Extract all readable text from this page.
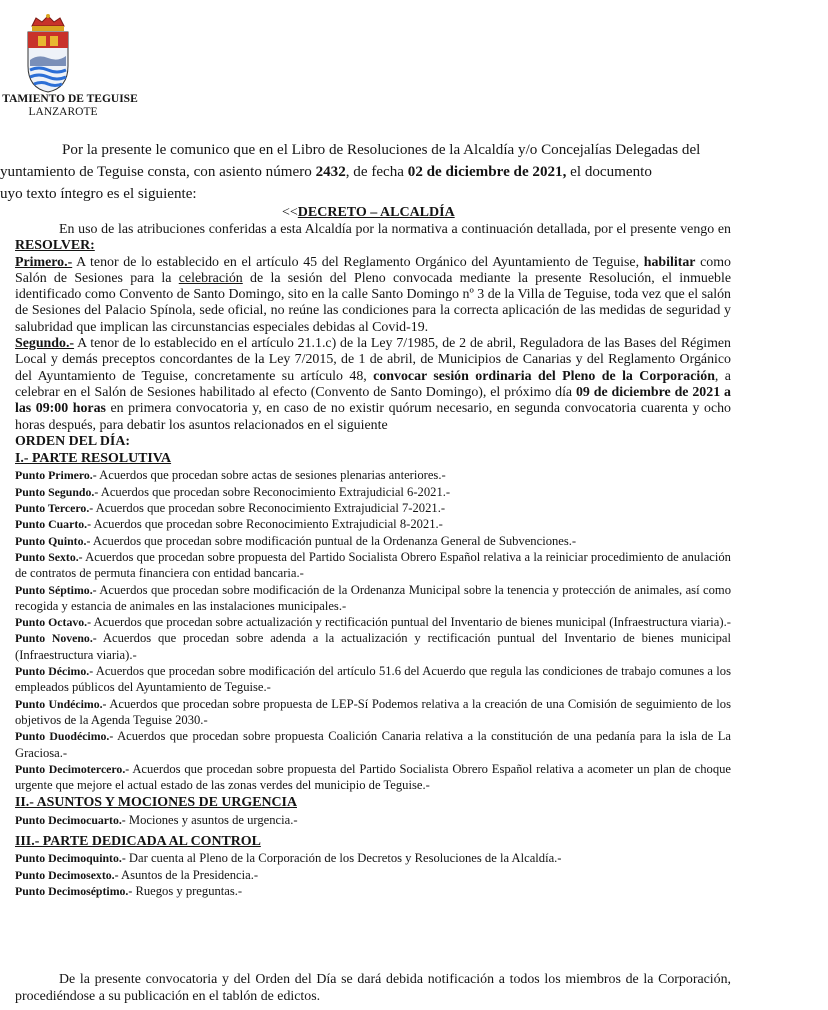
TAMIENTO DE TEGUISE
LANZAROTE
Por la presente le comunico que en el Libro de Resoluciones de la Alcaldía y/o Concejalías Delegadas del
yuntamiento de Teguise consta, con asiento número 2432, de fecha 02 de diciembre de 2021, el documento
uyo texto íntegro es el siguiente:
<<DECRETO – ALCALDÍA

En uso de las atribuciones conferidas a esta Alcaldía por la normativa a continuación detallada, por el presente vengo en RESOLVER:

Primero.- A tenor de lo establecido en el artículo 45 del Reglamento Orgánico del Ayuntamiento de Teguise, habilitar como Salón de Sesiones para la celebración de la sesión del Pleno convocada mediante la presente Resolución, el inmueble identificado como Convento de Santo Domingo, sito en la calle Santo Domingo nº 3 de la Villa de Teguise, toda vez que el salón de Sesiones del Palacio Spínola, sede oficial, no reúne las condiciones para la correcta aplicación de las medidas de seguridad y salubridad que implican las circunstancias especiales debidas al Covid-19.

Segundo.- A tenor de lo establecido en el artículo 21.1.c) de la Ley 7/1985, de 2 de abril, Reguladora de las Bases del Régimen Local y demás preceptos concordantes de la Ley 7/2015, de 1 de abril, de Municipios de Canarias y del Reglamento Orgánico del Ayuntamiento de Teguise, concretamente su artículo 48, convocar sesión ordinaria del Pleno de la Corporación, a celebrar en el Salón de Sesiones habilitado al efecto (Convento de Santo Domingo), el próximo día 09 de diciembre de 2021 a las 09:00 horas en primera convocatoria y, en caso de no existir quórum necesario, en segunda convocatoria cuarenta y ocho horas después, para debatir los asuntos relacionados en el siguiente
ORDEN DEL DÍA:

I.- PARTE RESOLUTIVA

Punto Primero.- Acuerdos que procedan sobre actas de sesiones plenarias anteriores.-

Punto Segundo.- Acuerdos que procedan sobre Reconocimiento Extrajudicial 6-2021.-

Punto Tercero.- Acuerdos que procedan sobre Reconocimiento Extrajudicial 7-2021.-

Punto Cuarto.- Acuerdos que procedan sobre Reconocimiento Extrajudicial 8-2021.-

Punto Quinto.- Acuerdos que procedan sobre modificación puntual de la Ordenanza General de Subvenciones.-

Punto Sexto.- Acuerdos que procedan sobre propuesta del Partido Socialista Obrero Español relativa a la reiniciar procedimiento de anulación de contratos de permuta financiera con entidad bancaria.-

Punto Séptimo.- Acuerdos que procedan sobre modificación de la Ordenanza Municipal sobre la tenencia y protección de animales, así como recogida y estancia de animales en las instalaciones municipales.-

Punto Octavo.- Acuerdos que procedan sobre actualización y rectificación puntual del Inventario de bienes municipal (Infraestructura viaria).-

Punto Noveno.- Acuerdos que procedan sobre adenda a la actualización y rectificación puntual del Inventario de bienes municipal (Infraestructura viaria).-

Punto Décimo.- Acuerdos que procedan sobre modificación del artículo 51.6 del Acuerdo que regula las condiciones de trabajo comunes a los empleados públicos del Ayuntamiento de Teguise.-

Punto Undécimo.- Acuerdos que procedan sobre propuesta de LEP-Sí Podemos relativa a la creación de una Comisión de seguimiento de los objetivos de la Agenda Teguise 2030.-

Punto Duodécimo.- Acuerdos que procedan sobre propuesta Coalición Canaria relativa a la constitución de una pedanía para la isla de La Graciosa.-

Punto Decimotercero.- Acuerdos que procedan sobre propuesta del Partido Socialista Obrero Español relativa a acometer un plan de choque urgente que mejore el actual estado de las zonas verdes del municipio de Teguise.-

II.- ASUNTOS Y MOCIONES DE URGENCIA

Punto Decimocuarto.- Mociones y asuntos de urgencia.-

III.- PARTE DEDICADA AL CONTROL

Punto Decimoquinto.- Dar cuenta al Pleno de la Corporación de los Decretos y Resoluciones de la Alcaldía.-

Punto Decimosexto.- Asuntos de la Presidencia.-

Punto Decimoséptimo.- Ruegos y preguntas.-

De la presente convocatoria y del Orden del Día se dará debida notificación a todos los miembros de la Corporación, procediéndose a su publicación en el tablón de edictos.
